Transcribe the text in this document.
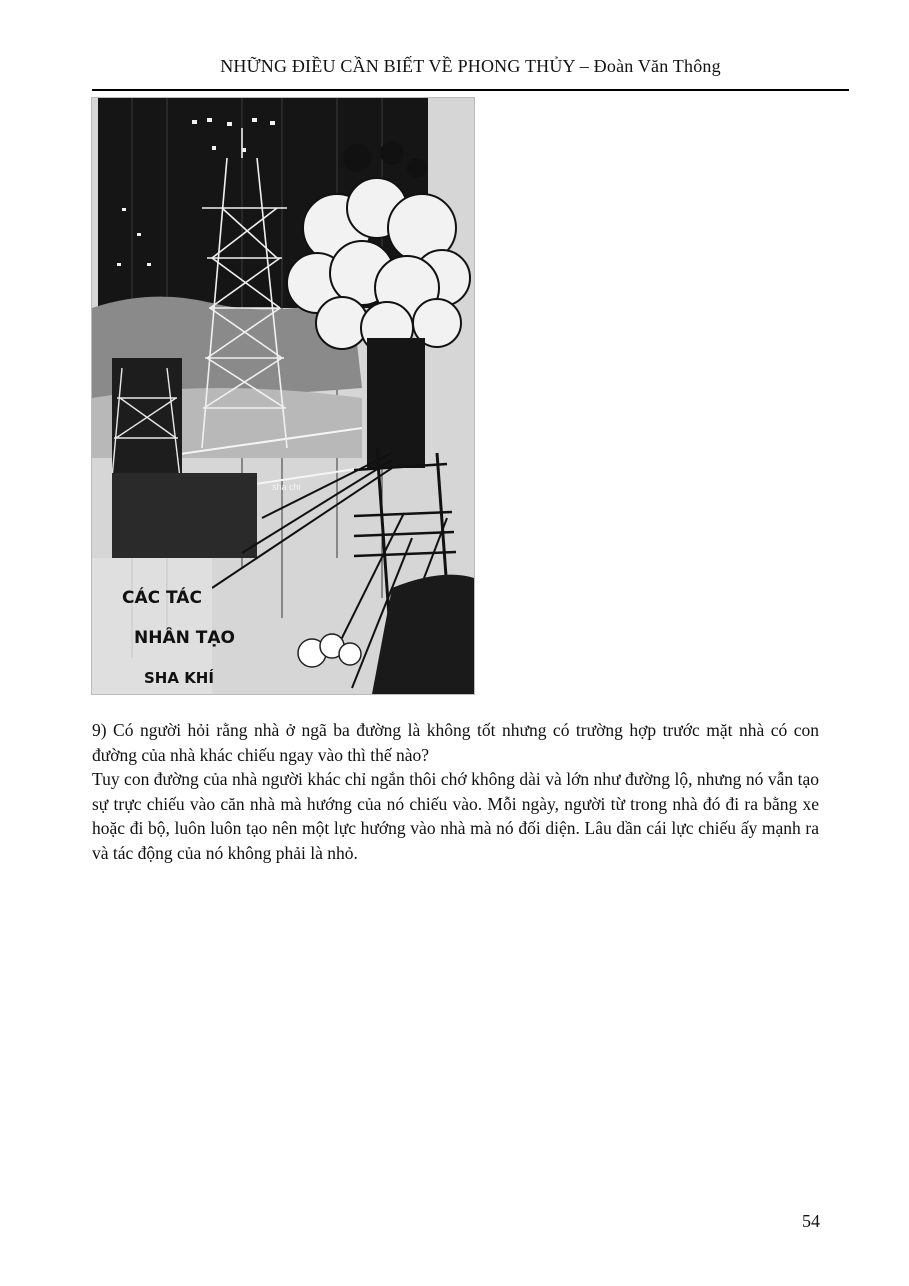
NHỮNG ĐIỀU CẦN BIẾT VỀ PHONG THỦY – Đoàn Văn Thông
sha chi
CÁC TÁC
NHÂN TẠO
SHA KHÍ

9) Có người hỏi rằng nhà ở ngã ba đường là không tốt nhưng có trường hợp trước mặt nhà có con đường của nhà khác chiếu ngay vào thì thế nào?

Tuy con đường của nhà người khác chỉ ngắn thôi chớ không dài và lớn như đường lộ, nhưng nó vẫn tạo sự trực chiếu vào căn nhà mà hướng của nó chiếu vào. Mỗi ngày, người từ trong nhà đó đi ra bằng xe hoặc đi bộ, luôn luôn tạo nên một lực hướng vào nhà mà nó đối diện. Lâu dần cái lực chiếu ấy mạnh ra và tác động của nó không phải là nhỏ.

54
